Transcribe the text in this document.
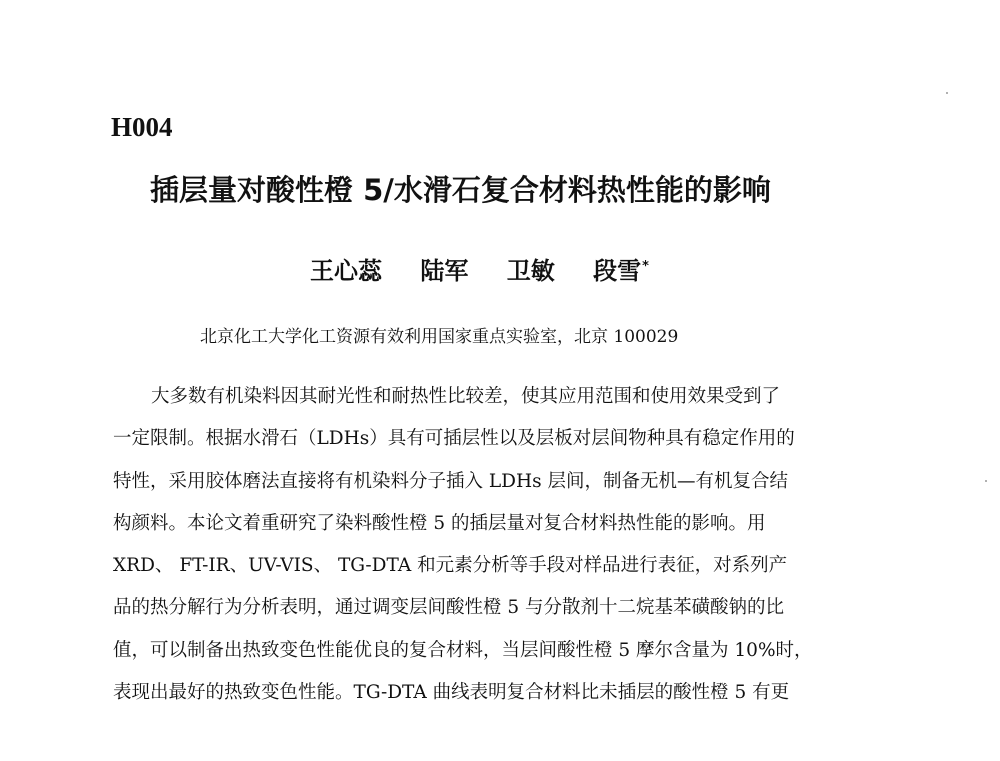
H004
插层量对酸性橙 5/水滑石复合材料热性能的影响
王心蕊 陆军 卫敏 段雪*
北京化工大学化工资源有效利用国家重点实验室，北京 100029
大多数有机染料因其耐光性和耐热性比较差，使其应用范围和使用效果受到了
一定限制。根据水滑石（LDHs）具有可插层性以及层板对层间物种具有稳定作用的
特性，采用胶体磨法直接将有机染料分子插入 LDHs 层间，制备无机—有机复合结
构颜料。本论文着重研究了染料酸性橙 5 的插层量对复合材料热性能的影响。用
XRD、 FT-IR、UV-VIS、 TG-DTA 和元素分析等手段对样品进行表征，对系列产
品的热分解行为分析表明，通过调变层间酸性橙 5 与分散剂十二烷基苯磺酸钠的比
值，可以制备出热致变色性能优良的复合材料，当层间酸性橙 5 摩尔含量为 10%时，
表现出最好的热致变色性能。TG-DTA 曲线表明复合材料比未插层的酸性橙 5 有更
